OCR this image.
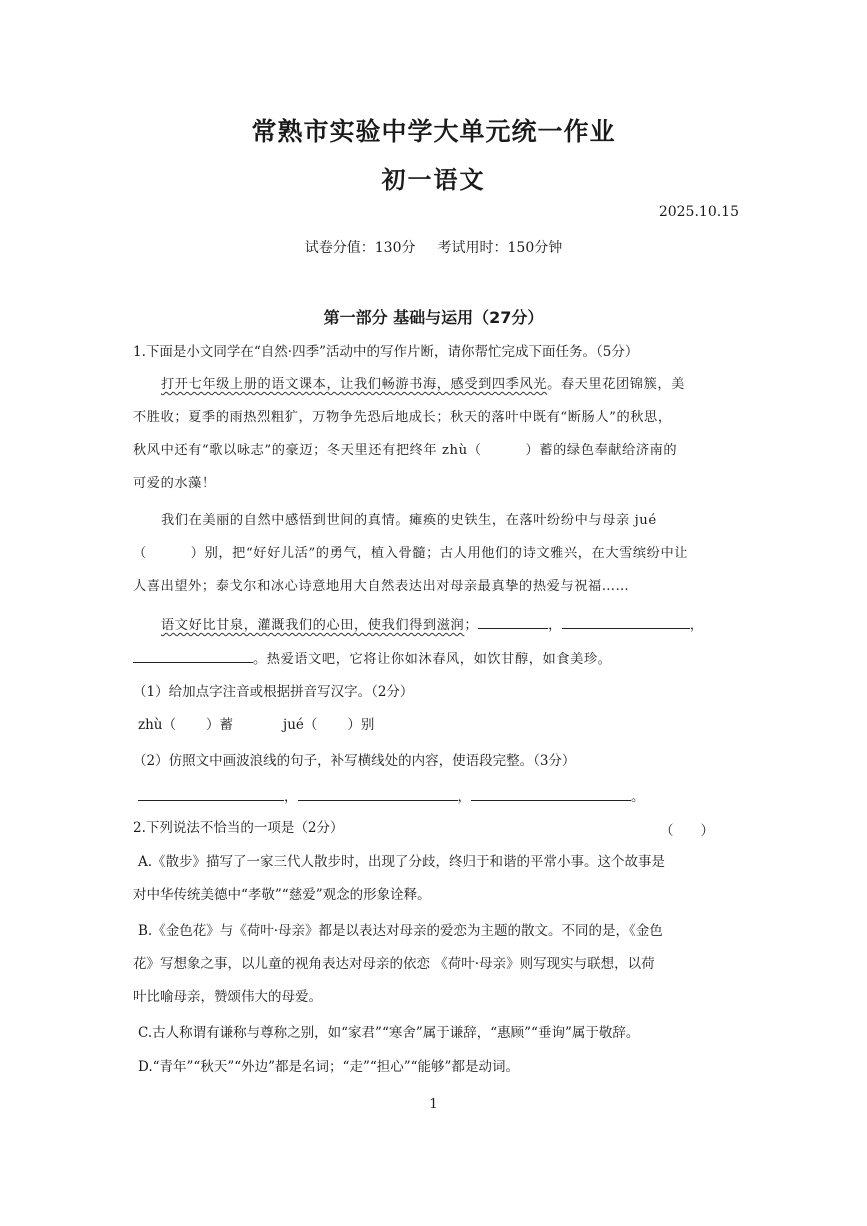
常熟市实验中学大单元统一作业
初一语文
2025.10.15
试卷分值：130分 考试用时：150分钟
第一部分 基础与运用（27分）
1.下面是小文同学在“自然·四季”活动中的写作片断，请你帮忙完成下面任务。（5分）
打开七年级上册的语文课本，让我们畅游书海，感受到四季风光。春天里花团锦簇，美
不胜收；夏季的雨热烈粗犷，万物争先恐后地成长；秋天的落叶中既有“断肠人”的秋思，
秋风中还有“歌以咏志”的豪迈；冬天里还有把终年 zhù（	）蓄的绿色奉献给济南的
可爱的水藻！
我们在美丽的自然中感悟到世间的真情。瘫痪的史铁生，在落叶纷纷中与母亲 jué
（	）别，把“好好儿活”的勇气，植入骨髓；古人用他们的诗文雅兴，在大雪缤纷中让
人喜出望外；泰戈尔和冰心诗意地用大自然表达出对母亲最真挚的热爱与祝福……
语文好比甘泉，灌溉我们的心田，使我们得到滋润；	，	，
。热爱语文吧，它将让你如沐春风，如饮甘醇，如食美珍。
（1）给加点字注音或根据拼音写汉字。（2分）
zhù（ ）蓄	jué（ ）别
（2）仿照文中画波浪线的句子，补写横线处的内容，使语段完整。（3分）
，	，	。
2.下列说法不恰当的一项是（2分）	（　　）
A.《散步》描写了一家三代人散步时，出现了分歧，终归于和谐的平常小事。这个故事是
对中华传统美德中“孝敬”“慈爱”观念的形象诠释。
B.《金色花》与《荷叶·母亲》都是以表达对母亲的爱恋为主题的散文。不同的是，《金色
花》写想象之事，以儿童的视角表达对母亲的依恋 《荷叶·母亲》则写现实与联想，以荷
叶比喻母亲，赞颂伟大的母爱。
C.古人称谓有谦称与尊称之别，如“家君”“寒舍”属于谦辞，“惠顾”“垂询”属于敬辞。
D.“青年”“秋天”“外边”都是名词；“走”“担心”“能够”都是动词。
1
